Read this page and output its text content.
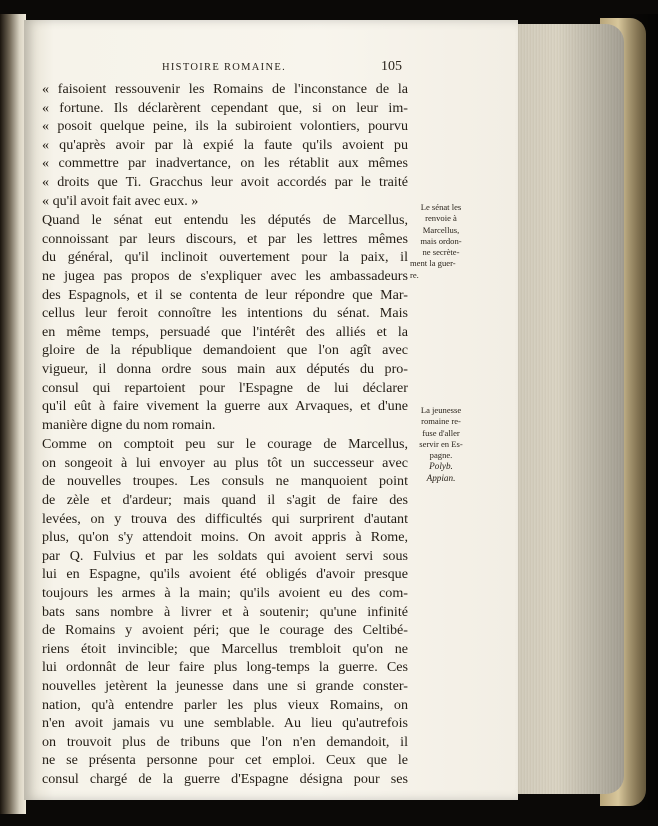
HISTOIRE ROMAINE.	105
« faisoient ressouvenir les Romains de l'inconstance de la
« fortune. Ils déclarèrent cependant que, si on leur im-
« posoit quelque peine, ils la subiroient volontiers, pourvu
« qu'après avoir par là expié la faute qu'ils avoient pu
« commettre par inadvertance, on les rétablit aux mêmes
« droits que Ti. Gracchus leur avoit accordés par le traité
« qu'il avoit fait avec eux. »
Quand le sénat eut entendu les députés de Marcellus,
connoissant par leurs discours, et par les lettres mêmes
du général, qu'il inclinoit ouvertement pour la paix, il
ne jugea pas propos de s'expliquer avec les ambassadeurs
des Espagnols, et il se contenta de leur répondre que Mar-
cellus leur feroit connoître les intentions du sénat. Mais
en même temps, persuadé que l'intérêt des alliés et la
gloire de la république demandoient que l'on agît avec
vigueur, il donna ordre sous main aux députés du pro-
consul qui repartoient pour l'Espagne de lui déclarer
qu'il eût à faire vivement la guerre aux Arvaques, et d'une
manière digne du nom romain.
Comme on comptoit peu sur le courage de Marcellus,
on songeoit à lui envoyer au plus tôt un successeur avec
de nouvelles troupes. Les consuls ne manquoient point
de zèle et d'ardeur; mais quand il s'agit de faire des
levées, on y trouva des difficultés qui surprirent d'autant
plus, qu'on s'y attendoit moins. On avoit appris à Rome,
par Q. Fulvius et par les soldats qui avoient servi sous
lui en Espagne, qu'ils avoient été obligés d'avoir presque
toujours les armes à la main; qu'ils avoient eu des com-
bats sans nombre à livrer et à soutenir; qu'une infinité
de Romains y avoient péri; que le courage des Celtibé-
riens étoit invincible; que Marcellus trembloit qu'on ne
lui ordonnât de leur faire plus long-temps la guerre. Ces
nouvelles jetèrent la jeunesse dans une si grande conster-
nation, qu'à entendre parler les plus vieux Romains, on
n'en avoit jamais vu une semblable. Au lieu qu'autrefois
on trouvoit plus de tribuns que l'on n'en demandoit, il
ne se présenta personne pour cet emploi. Ceux que le
consul chargé de la guerre d'Espagne désigna pour ses
Le sénat les
renvoie à
Marcellus,
mais ordon-
ne secrète-
ment la guer-
re.
La jeunesse
romaine re-
fuse d'aller
servir en Es-
pagne.
Polyb.
Appian.
